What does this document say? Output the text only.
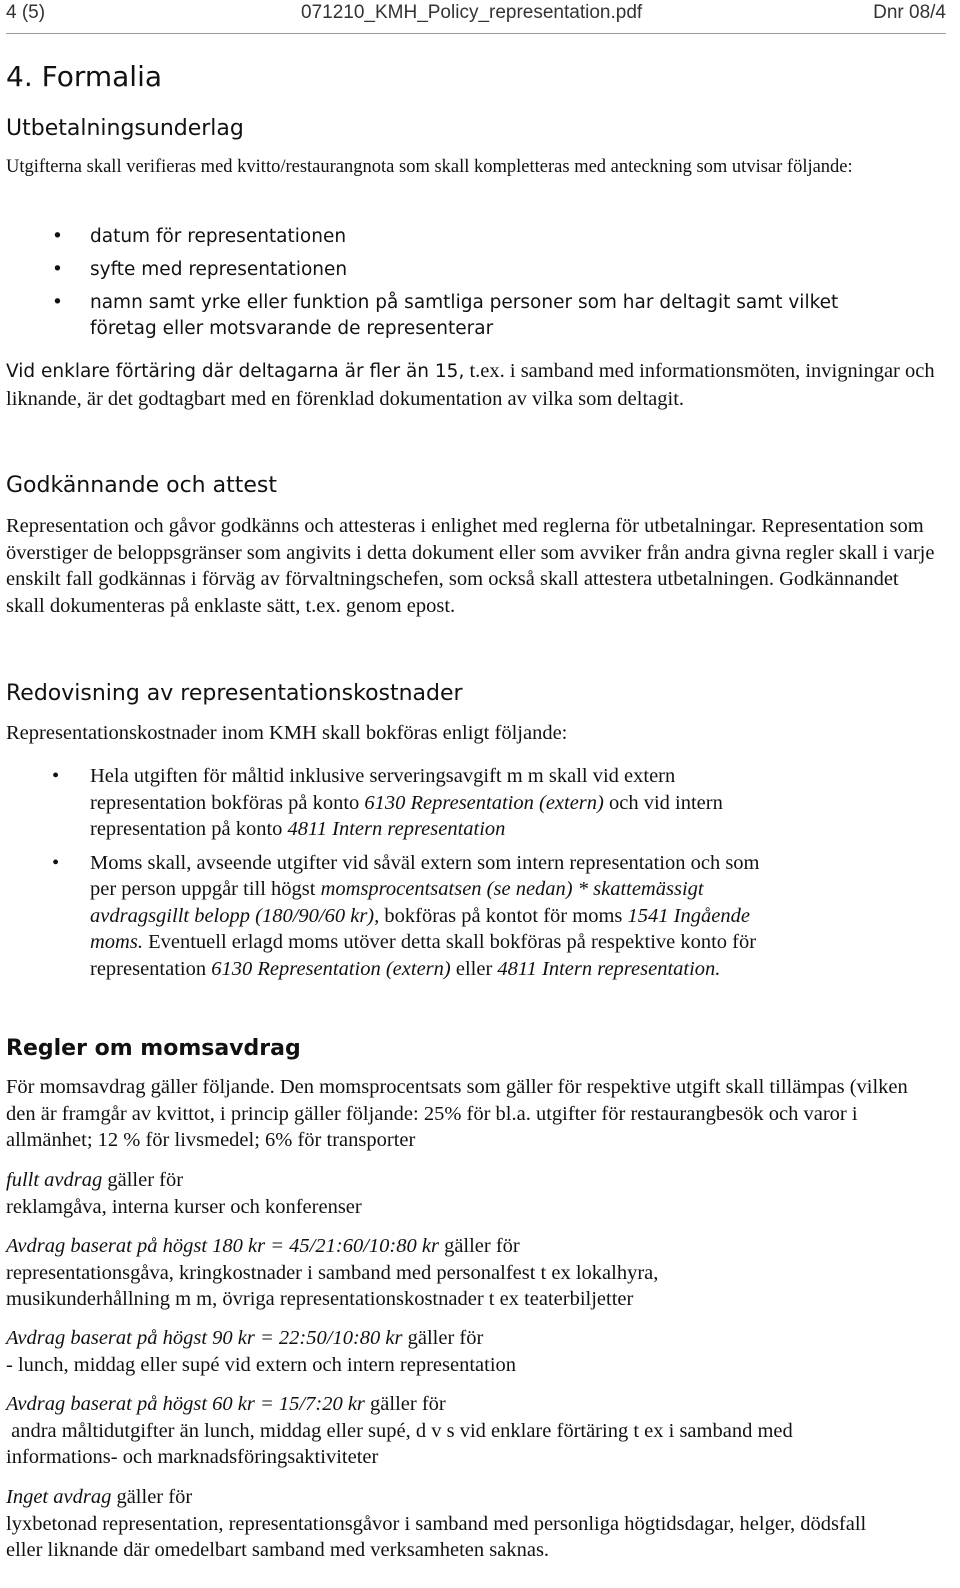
4 (5)	071210_KMH_Policy_representation.pdf	Dnr 08/4
4. Formalia
Utbetalningsunderlag

Utgifterna skall verifieras med kvitto/restaurangnota som skall kompletteras med anteckning som utvisar följande:

• datum för representationen
• syfte med representationen
• namn samt yrke eller funktion på samtliga personer som har deltagit samt vilket företag eller motsvarande de representerar

Vid enklare förtäring där deltagarna är fler än 15, t.ex. i samband med informationsmöten, invigningar och liknande, är det godtagbart med en förenklad dokumentation av vilka som deltagit.

Godkännande och attest

Representation och gåvor godkänns och attesteras i enlighet med reglerna för utbetalningar. Representation som överstiger de beloppsgränser som angivits i detta dokument eller som avviker från andra givna regler skall i varje enskilt fall godkännas i förväg av förvaltningschefen, som också skall attestera utbetalningen. Godkännandet skall dokumenteras på enklaste sätt, t.ex. genom epost.

Redovisning av representationskostnader

Representationskostnader inom KMH skall bokföras enligt följande:

• Hela utgiften för måltid inklusive serveringsavgift m m skall vid extern representation bokföras på konto 6130 Representation (extern) och vid intern representation på konto 4811 Intern representation
• Moms skall, avseende utgifter vid såväl extern som intern representation och som per person uppgår till högst momsprocentsatsen (se nedan) * skattemässigt avdragsgillt belopp (180/90/60 kr), bokföras på kontot för moms 1541 Ingående moms. Eventuell erlagd moms utöver detta skall bokföras på respektive konto för representation 6130 Representation (extern) eller 4811 Intern representation.
Regler om momsavdrag

För momsavdrag gäller följande. Den momsprocentsats som gäller för respektive utgift skall tillämpas (vilken den är framgår av kvittot, i princip gäller följande: 25% för bl.a. utgifter för restaurangbesök och varor i allmänhet; 12 % för livsmedel; 6% för transporter

fullt avdrag gäller för
reklamgåva, interna kurser och konferenser
Avdrag baserat på högst 180 kr = 45/21:60/10:80 kr gäller för
representationsgåva, kringkostnader i samband med personalfest t ex lokalhyra, musikunderhållning m m, övriga representationskostnader t ex teaterbiljetter
Avdrag baserat på högst 90 kr = 22:50/10:80 kr gäller för
- lunch, middag eller supé vid extern och intern representation
Avdrag baserat på högst 60 kr = 15/7:20 kr gäller för
andra måltidutgifter än lunch, middag eller supé, d v s vid enklare förtäring t ex i samband med informations- och marknadsföringsaktiviteter
Inget avdrag gäller för
lyxbetonad representation, representationsgåvor i samband med personliga högtidsdagar, helger, dödsfall eller liknande där omedelbart samband med verksamheten saknas.
